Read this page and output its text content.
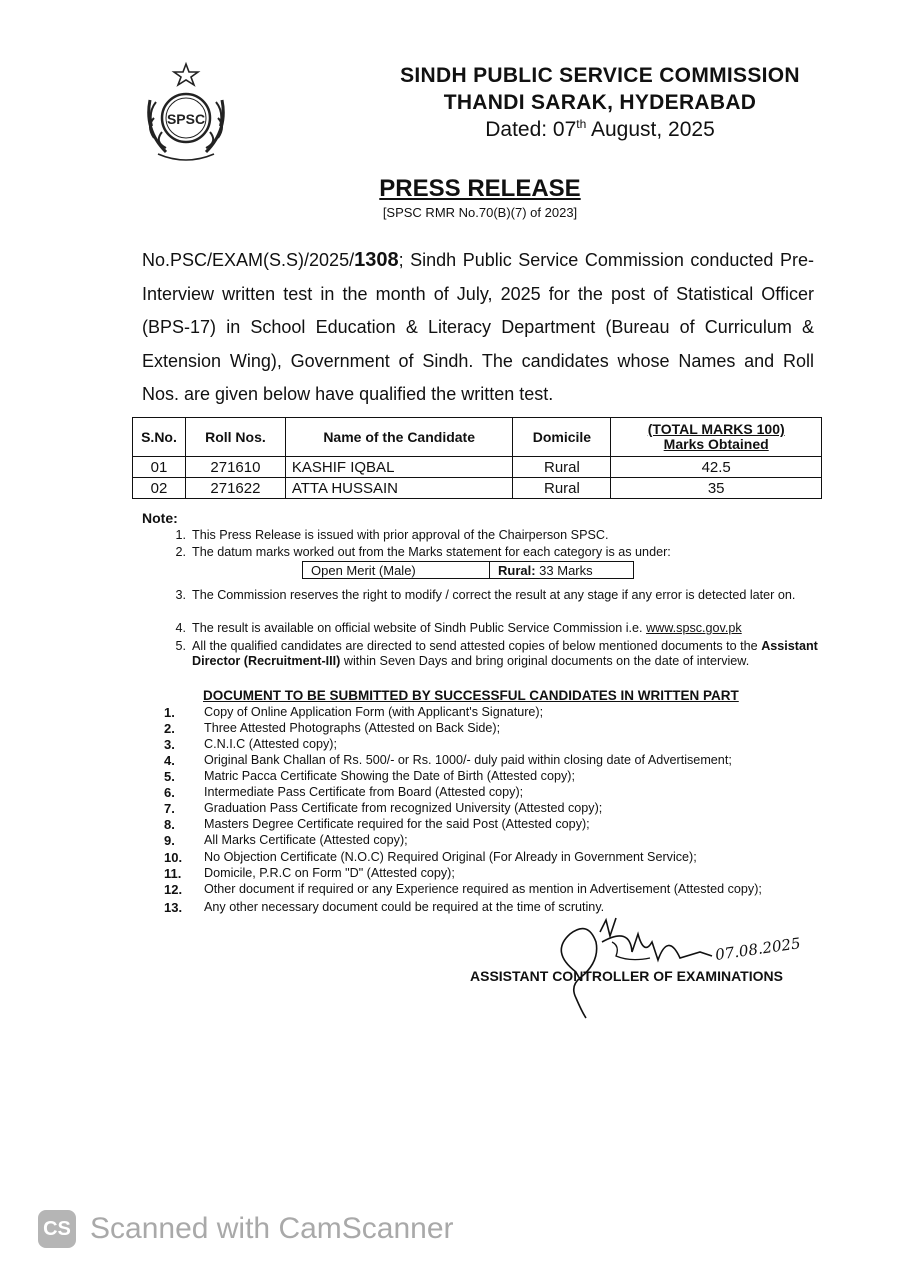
SPSC
SINDH PUBLIC SERVICE COMMISSION
THANDI SARAK, HYDERABAD
Dated: 07th August, 2025
PRESS RELEASE
[SPSC RMR No.70(B)(7) of 2023]
No.PSC/EXAM(S.S)/2025/1308; Sindh Public Service Commission conducted Pre-Interview written test in the month of July, 2025 for the post of Statistical Officer (BPS-17) in School Education & Literacy Department (Bureau of Curriculum & Extension Wing), Government of Sindh. The candidates whose Names and Roll Nos. are given below have qualified the written test.
S.No.	Roll Nos.	Name of the Candidate	Domicile	(TOTAL MARKS 100)
Marks Obtained

01	271610	KASHIF IQBAL	Rural	42.5
02	271622	ATTA HUSSAIN	Rural	35
Note:
1. This Press Release is issued with prior approval of the Chairperson SPSC.
2. The datum marks worked out from the Marks statement for each category is as under:
Open Merit (Male)	Rural: 33 Marks
3. The Commission reserves the right to modify / correct the result at any stage if any error is detected later on.
4. The result is available on official website of Sindh Public Service Commission i.e. www.spsc.gov.pk
5. All the qualified candidates are directed to send attested copies of below mentioned documents to the Assistant Director (Recruitment-III) within Seven Days and bring original documents on the date of interview.
DOCUMENT TO BE SUBMITTED BY SUCCESSFUL CANDIDATES IN WRITTEN PART
1.	Copy of Online Application Form (with Applicant's Signature);
2.	Three Attested Photographs (Attested on Back Side);
3.	C.N.I.C (Attested copy);
4.	Original Bank Challan of Rs. 500/- or Rs. 1000/- duly paid within closing date of Advertisement;
5.	Matric Pacca Certificate Showing the Date of Birth (Attested copy);
6.	Intermediate Pass Certificate from Board (Attested copy);
7.	Graduation Pass Certificate from recognized University (Attested copy);
8.	Masters Degree Certificate required for the said Post (Attested copy);
9.	All Marks Certificate (Attested copy);
10.	No Objection Certificate (N.O.C) Required Original (For Already in Government Service);
11.	Domicile, P.R.C on Form "D" (Attested copy);
12.	Other document if required or any Experience required as mention in Advertisement (Attested copy);
13.	Any other necessary document could be required at the time of scrutiny.
07.08.2025
ASSISTANT CONTROLLER OF EXAMINATIONS
CS Scanned with CamScanner
